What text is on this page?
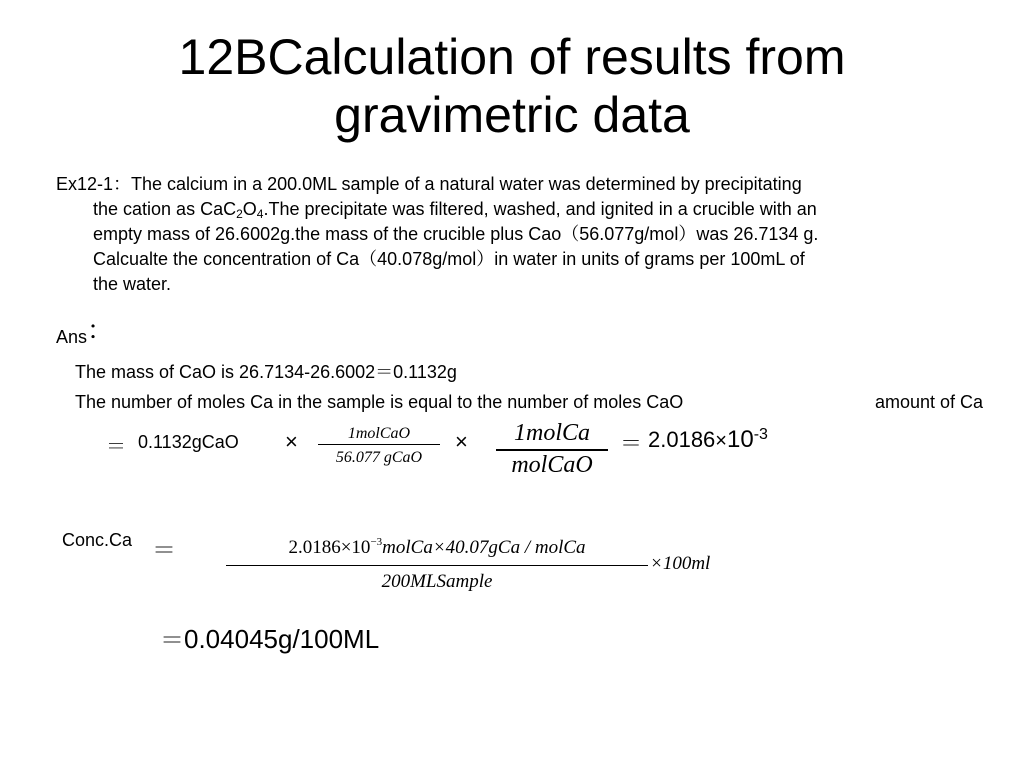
12BCalculation of results from
gravimetric data
Ex12-1：The calcium in a 200.0ML sample of a natural water was determined by precipitating
the cation as $CaC_2O_4.The$ precipitate was filtered, washed, and ignited in a crucible with an
empty mass of 26.6002g.the mass of the crucible plus Cao（56.077g/mol）was 26.7134 g.
Calcualte the concentration of Ca（40.078g/mol）in water in units of grams per 100mL of
the water.
Ans：
The mass of CaO is 26.7134-26.6002＝0.1132g
The number of moles Ca in the sample is equal to the number of moles CaO	amount of Ca
＝ 0.1132gCaO ×	1molCaO
56.077 gCaO
×	1molCa
molCaO
＝ $2.0186\times 10^{-3}$
Conc.Ca ＝	$2.0186\times 10^{-3}molCa\times 40.07gCa$ / molCa
200MLSample
×100ml
＝0.04045g/100ML
